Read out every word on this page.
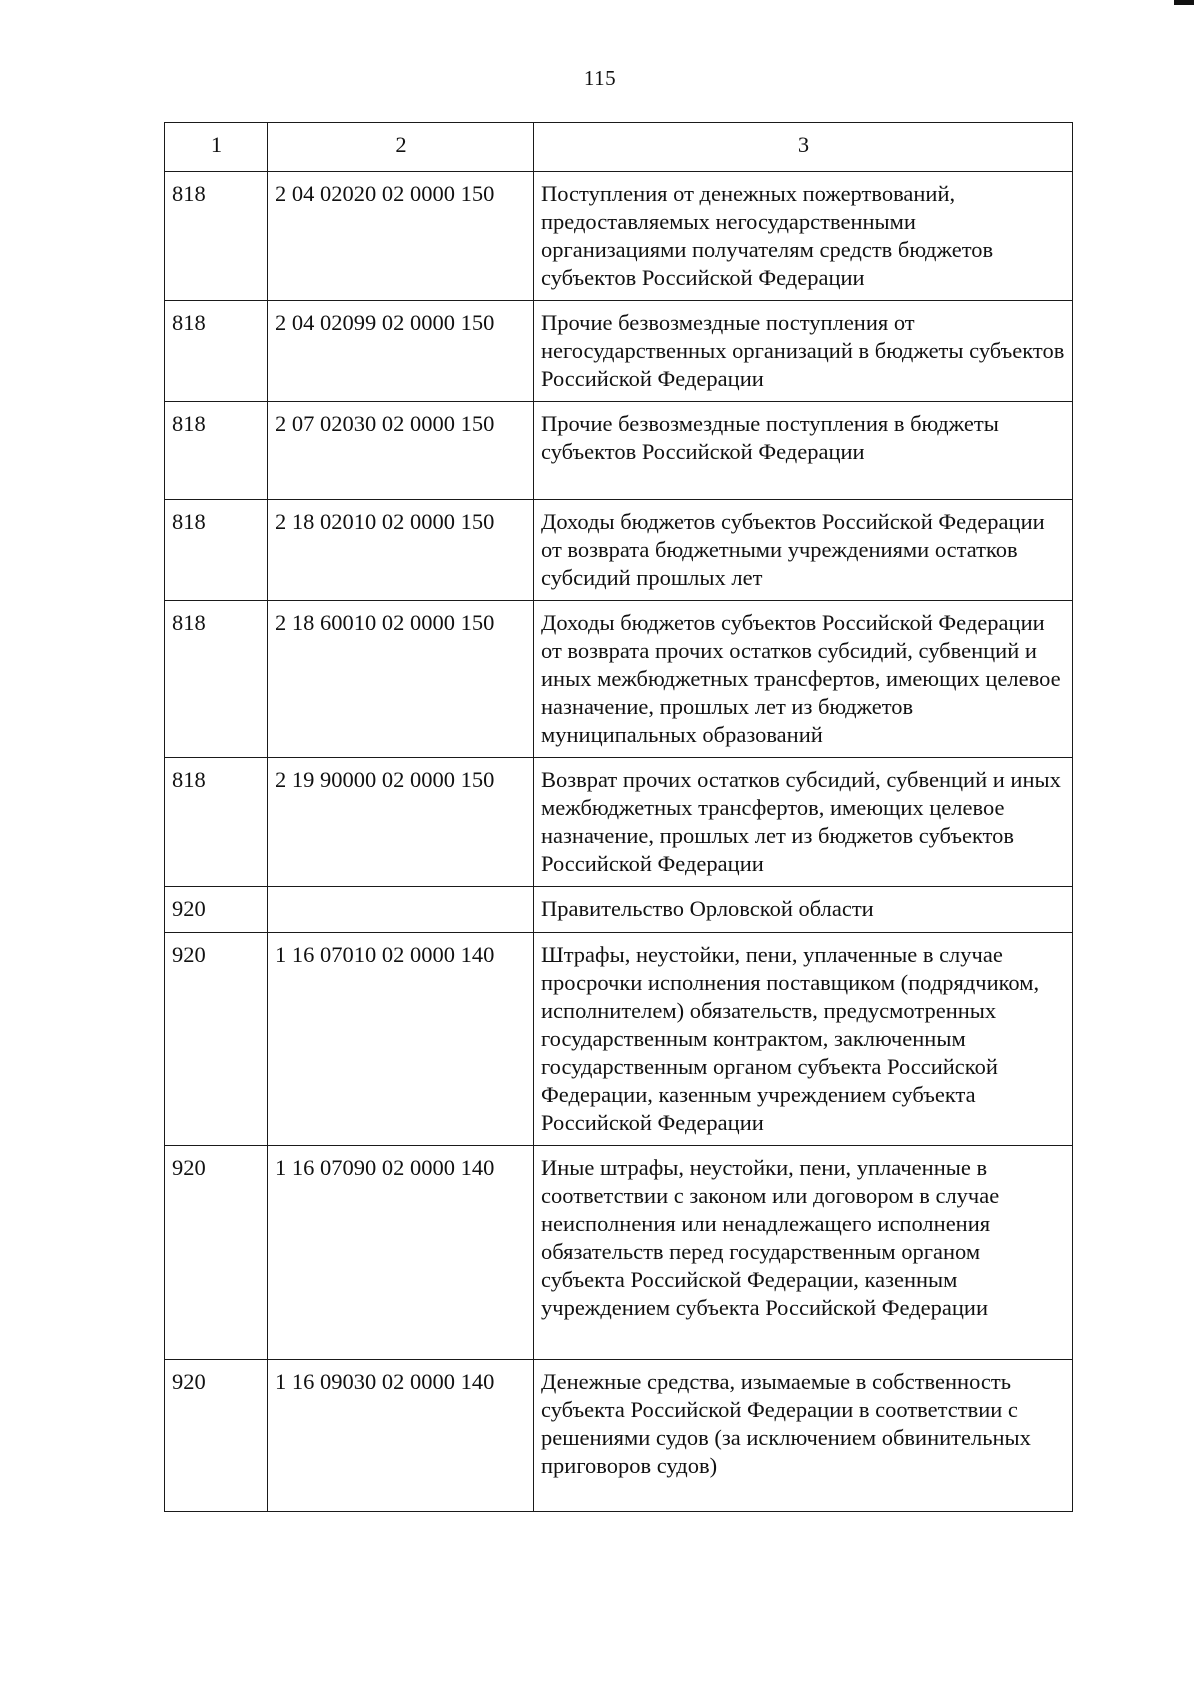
115
1	2	3
818	2 04 02020 02 0000 150	Поступления от денежных пожертвований, предоставляемых негосударственными организациями получателям средств бюджетов субъектов Российской Федерации
818	2 04 02099 02 0000 150	Прочие безвозмездные поступления от негосударственных организаций в бюджеты субъектов Российской Федерации
818	2 07 02030 02 0000 150	Прочие безвозмездные поступления в бюджеты субъектов Российской Федерации
818	2 18 02010 02 0000 150	Доходы бюджетов субъектов Российской Федерации от возврата бюджетными учреждениями остатков субсидий прошлых лет
818	2 18 60010 02 0000 150	Доходы бюджетов субъектов Российской Федерации от возврата прочих остатков субсидий, субвенций и иных межбюджетных трансфертов, имеющих целевое назначение, прошлых лет из бюджетов муниципальных образований
818	2 19 90000 02 0000 150	Возврат прочих остатков субсидий, субвенций и иных межбюджетных трансфертов, имеющих целевое назначение, прошлых лет из бюджетов субъектов Российской Федерации
920		Правительство Орловской области
920	1 16 07010 02 0000 140	Штрафы, неустойки, пени, уплаченные в случае просрочки исполнения поставщиком (подрядчиком, исполнителем) обязательств, предусмотренных государственным контрактом, заключенным государственным органом субъекта Российской Федерации, казенным учреждением субъекта Российской Федерации
920	1 16 07090 02 0000 140	Иные штрафы, неустойки, пени, уплаченные в соответствии с законом или договором в случае неисполнения или ненадлежащего исполнения обязательств перед государственным органом субъекта Российской Федерации, казенным учреждением субъекта Российской Федерации
920	1 16 09030 02 0000 140	Денежные средства, изымаемые в собственность субъекта Российской Федерации в соответствии с решениями судов (за исключением обвинительных приговоров судов)
